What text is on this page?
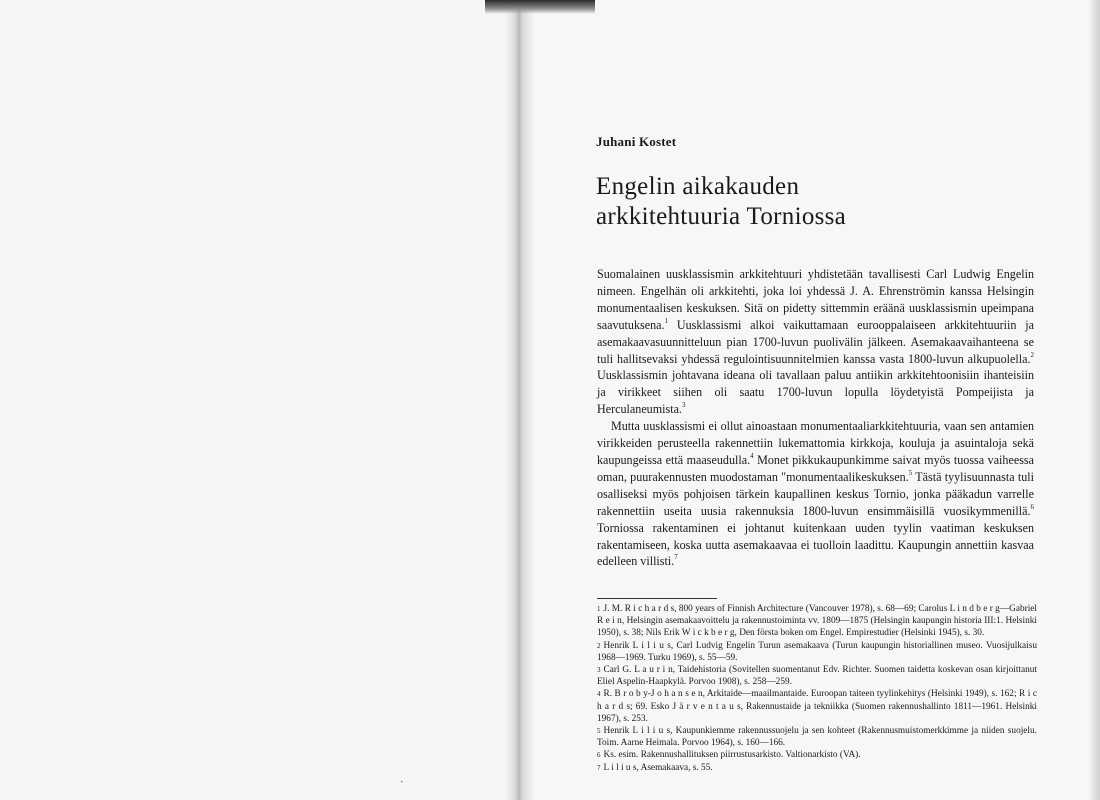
Juhani Kostet
Engelin aikakauden
arkkitehtuuria Torniossa

Suomalainen uusklassismin arkkitehtuuri yhdistetään tavallisesti Carl Ludwig Engelin nimeen. Engelhän oli arkkitehti, joka loi yhdessä J. A. Ehrenströmin kanssa Helsingin monumentaalisen keskuksen. Sitä on pidetty sittemmin eräänä uusklassismin upeimpana saavutuksena.$^1$ Uusklassismi alkoi vaikuttamaan eurooppalaiseen arkkitehtuuriin ja asemakaavasuunnitteluun pian 1700-luvun puolivälin jälkeen. Asemakaavaihanteena se tuli hallitsevaksi yhdessä regulointisuunnitelmien kanssa vasta 1800-luvun alkupuolella.$^2$ Uusklassismin johtavana ideana oli tavallaan paluu antiikin arkkitehtoonisiin ihanteisiin ja virikkeet siihen oli saatu 1700-luvun lopulla löydetyistä Pompeijista ja Herculaneumista.$^3$

Mutta uusklassismi ei ollut ainoastaan monumentaaliarkkitehtuuria, vaan sen antamien virikkeiden perusteella rakennettiin lukemattomia kirkkoja, kouluja ja asuintaloja sekä kaupungeissa että maaseudulla.$^4$ Monet pikkukaupunkimme saivat myös tuossa vaiheessa oman, puurakennusten muodostaman "monumentaalikeskuksen.$^5$ Tästä tyylisuunnasta tuli osalliseksi myös pohjoisen tärkein kaupallinen keskus Tornio, jonka pääkadun varrelle rakennettiin useita uusia rakennuksia 1800-luvun ensimmäisillä vuosikymmenillä.$^6$ Torniossa rakentaminen ei johtanut kuitenkaan uuden tyylin vaatiman keskuksen rakentamiseen, koska uutta asemakaavaa ei tuolloin laadittu. Kaupungin annettiin kasvaa edelleen villisti.$^7$

$^1$ J. M. R i c h a r d s, 800 years of Finnish Architecture (Vancouver 1978), s. 68—69; Carolus L i n d b e r g—Gabriel R e i n, Helsingin asemakaavoittelu ja rakennustoiminta vv. 1809—1875 (Helsingin kaupungin historia III:1. Helsinki 1950), s. 38; Nils Erik W i c k b e r g, Den första boken om Engel. Empirestudier (Helsinki 1945), s. 30.

$^2$ Henrik L i l i u s, Carl Ludvig Engelin Turun asemakaava (Turun kaupungin historiallinen museo. Vuosijulkaisu 1968—1969. Turku 1969), s. 55—59.

$^3$ Carl G. L a u r i n, Taidehistoria (Sovitellen suomentanut Edv. Richter. Suomen taidetta koskevan osan kirjoittanut Eliel Aspelin-Haapkylä. Porvoo 1908), s. 258—259.

$^4$ R. B r o b y-J o h a n s e n, Arkitaide—maailmantaide. Euroopan taiteen tyylinkehitys (Helsinki 1949), s. 162; R i c h a r d s; 69. Esko J ä r v e n t a u s, Rakennustaide ja tekniikka (Suomen rakennushallinto 1811—1961. Helsinki 1967), s. 253.

$^5$ Henrik L i l i u s, Kaupunkiemme rakennussuojelu ja sen kohteet (Rakennusmuistomerkkimme ja niiden suojelu. Toim. Aarne Heimala. Porvoo 1964), s. 160—166.

$^6$ Ks. esim. Rakennushallituksen piirrustusarkisto. Valtionarkisto (VA).

$^7$ L i l i u s, Asemakaava, s. 55.

ˏ
